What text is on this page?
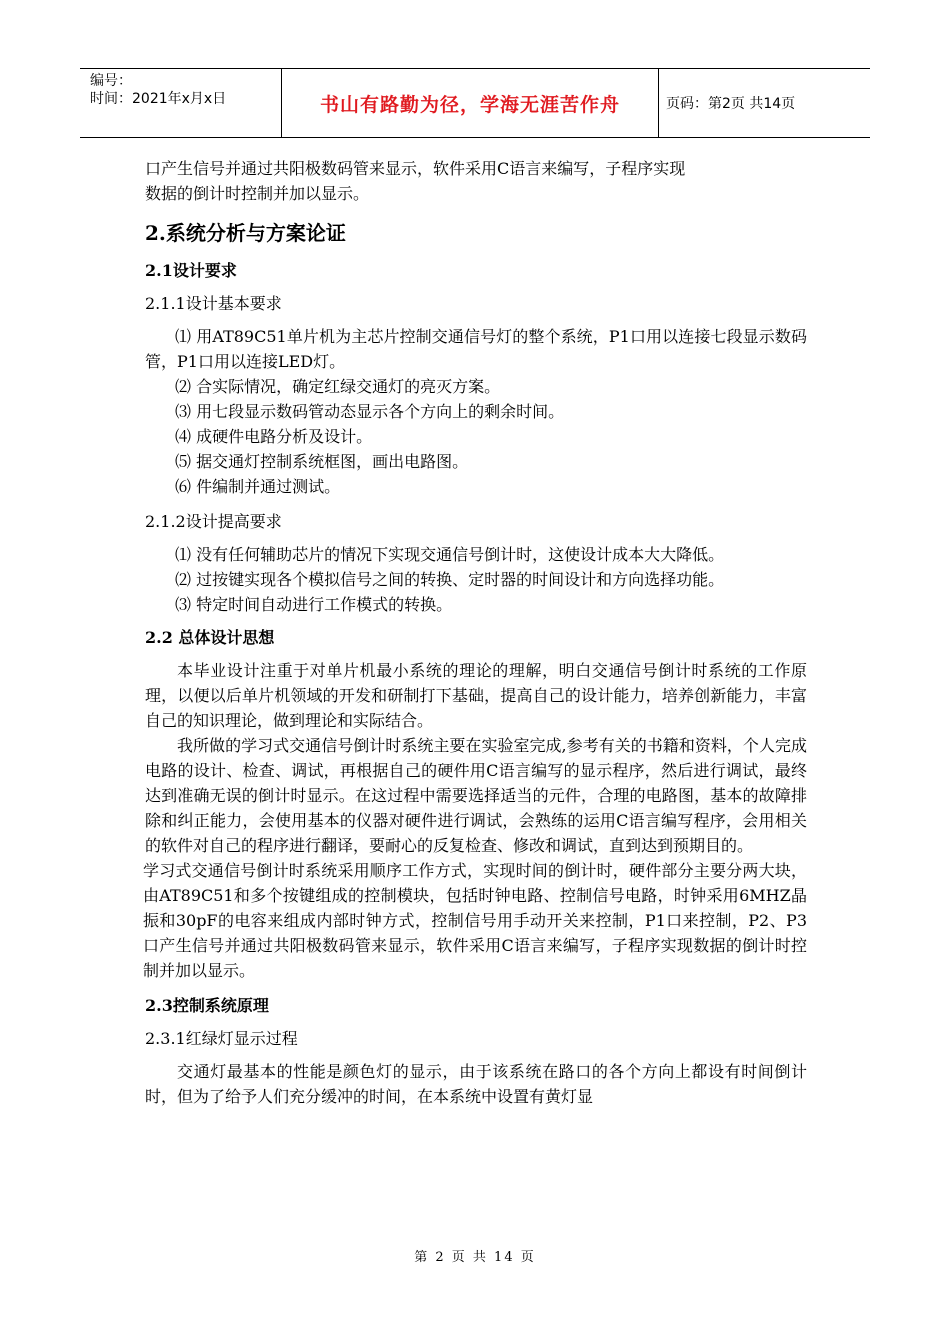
编号：
时间：2021年x月x日	书山有路勤为径，学海无涯苦作舟	页码：第2页 共14页

口产生信号并通过共阳极数码管来显示，软件采用C语言来编写，子程序实现

数据的倒计时控制并加以显示。

2.系统分析与方案论证
2.1设计要求
2.1.1设计基本要求

⑴ 用AT89C51单片机为主芯片控制交通信号灯的整个系统，P1口用以连接七段显示数码管，P1口用以连接LED灯。

⑵ 合实际情况，确定红绿交通灯的亮灭方案。

⑶ 用七段显示数码管动态显示各个方向上的剩余时间。

⑷ 成硬件电路分析及设计。

⑸ 据交通灯控制系统框图，画出电路图。

⑹ 件编制并通过测试。

2.1.2设计提高要求

⑴ 没有任何辅助芯片的情况下实现交通信号倒计时，这使设计成本大大降低。

⑵ 过按键实现各个模拟信号之间的转换、定时器的时间设计和方向选择功能。

⑶ 特定时间自动进行工作模式的转换。

2.2 总体设计思想

本毕业设计注重于对单片机最小系统的理论的理解，明白交通信号倒计时系统的工作原理，以便以后单片机领域的开发和研制打下基础，提高自己的设计能力，培养创新能力，丰富自己的知识理论，做到理论和实际结合。

我所做的学习式交通信号倒计时系统主要在实验室完成,参考有关的书籍和资料，个人完成电路的设计、检查、调试，再根据自己的硬件用C语言编写的显示程序，然后进行调试，最终达到准确无误的倒计时显示。在这过程中需要选择适当的元件，合理的电路图，基本的故障排除和纠正能力，会使用基本的仪器对硬件进行调试，会熟练的运用C语言编写程序，会用相关的软件对自己的程序进行翻译，要耐心的反复检查、修改和调试，直到达到预期目的。

学习式交通信号倒计时系统采用顺序工作方式，实现时间的倒计时，硬件部分主要分两大块，由AT89C51和多个按键组成的控制模块，包括时钟电路、控制信号电路，时钟采用6MHZ晶振和30pF的电容来组成内部时钟方式，控制信号用手动开关来控制，P1口来控制，P2、P3口产生信号并通过共阳极数码管来显示，软件采用C语言来编写，子程序实现数据的倒计时控制并加以显示。

2.3控制系统原理
2.3.1红绿灯显示过程

交通灯最基本的性能是颜色灯的显示，由于该系统在路口的各个方向上都设有时间倒计时，但为了给予人们充分缓冲的时间，在本系统中设置有黄灯显

第 2 页 共 14 页
